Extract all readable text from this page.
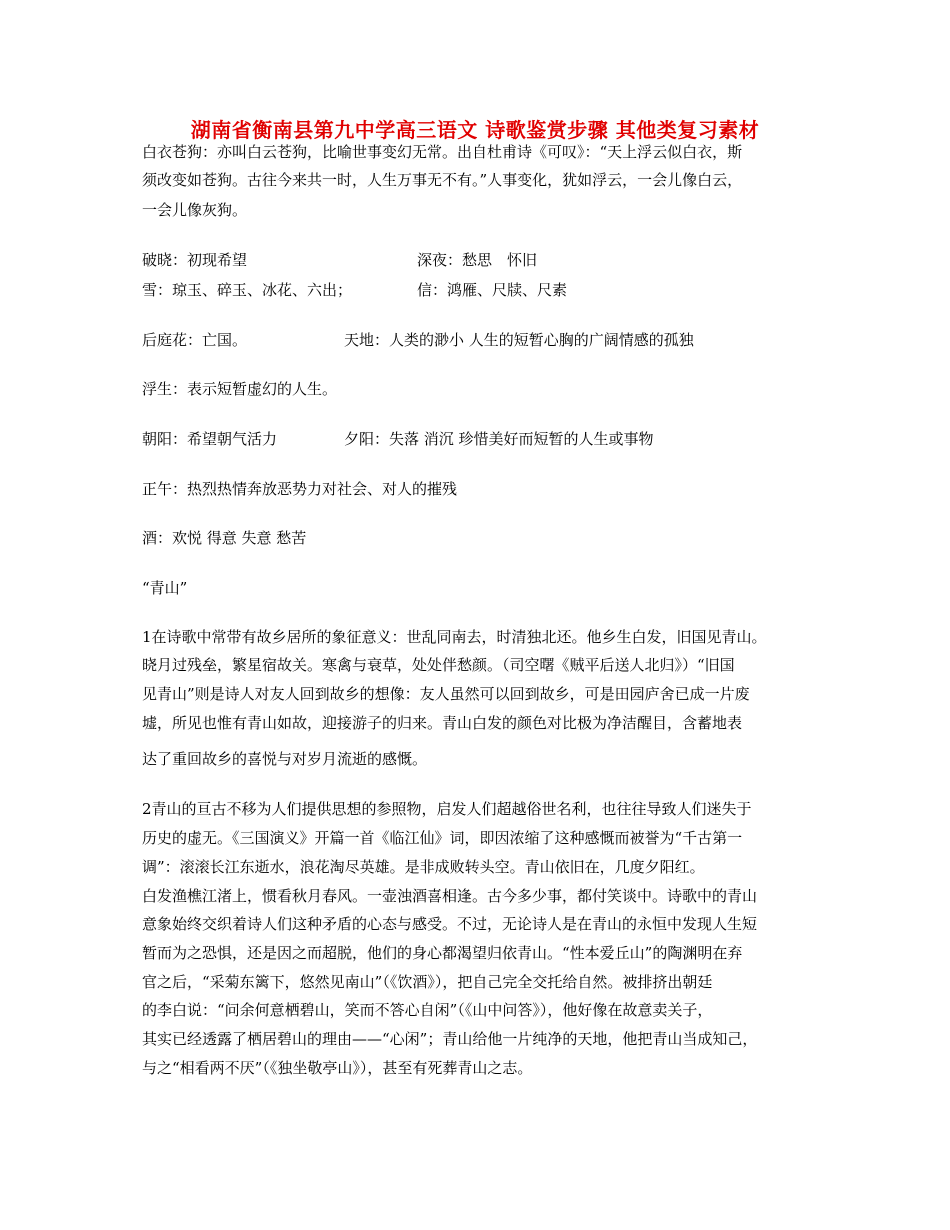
湖南省衡南县第九中学高三语文 诗歌鉴赏步骤 其他类复习素材
白衣苍狗：亦叫白云苍狗，比喻世事变幻无常。出自杜甫诗《可叹》：“天上浮云似白衣，斯
须改变如苍狗。古往今来共一时，人生万事无不有。”人事变化，犹如浮云，一会儿像白云，
一会儿像灰狗。
破晓：初现希望	深夜：愁思　怀旧
雪：琼玉、碎玉、冰花、六出；	信：鸿雁、尺牍、尺素
后庭花：亡国。	天地：人类的渺小 人生的短暂心胸的广阔情感的孤独
浮生：表示短暂虚幻的人生。
朝阳：希望朝气活力	夕阳：失落 消沉 珍惜美好而短暂的人生或事物
正午：热烈热情奔放恶势力对社会、对人的摧残
酒：欢悦 得意 失意 愁苦
“青山”
1在诗歌中常带有故乡居所的象征意义：世乱同南去，时清独北还。他乡生白发，旧国见青山。
晓月过残垒，繁星宿故关。寒禽与衰草，处处伴愁颜。（司空曙《贼平后送人北归》）“旧国
见青山”则是诗人对友人回到故乡的想像：友人虽然可以回到故乡，可是田园庐舍已成一片废
墟，所见也惟有青山如故，迎接游子的归来。青山白发的颜色对比极为净洁醒目，含蓄地表
达了重回故乡的喜悦与对岁月流逝的感慨。
2青山的亘古不移为人们提供思想的参照物，启发人们超越俗世名利，也往往导致人们迷失于
历史的虚无。《三国演义》开篇一首《临江仙》词，即因浓缩了这种感慨而被誉为“千古第一
调”：滚滚长江东逝水，浪花淘尽英雄。是非成败转头空。青山依旧在，几度夕阳红。
白发渔樵江渚上，惯看秋月春风。一壶浊酒喜相逢。古今多少事，都付笑谈中。诗歌中的青山
意象始终交织着诗人们这种矛盾的心态与感受。不过，无论诗人是在青山的永恒中发现人生短
暂而为之恐惧，还是因之而超脱，他们的身心都渴望归依青山。“性本爱丘山”的陶渊明在弃
官之后，“采菊东篱下，悠然见南山”（《饮酒》），把自己完全交托给自然。被排挤出朝廷
的李白说：“问余何意栖碧山，笑而不答心自闲”（《山中问答》），他好像在故意卖关子，
其实已经透露了栖居碧山的理由——“心闲”；青山给他一片纯净的天地，他把青山当成知己，
与之“相看两不厌”（《独坐敬亭山》），甚至有死葬青山之志。
